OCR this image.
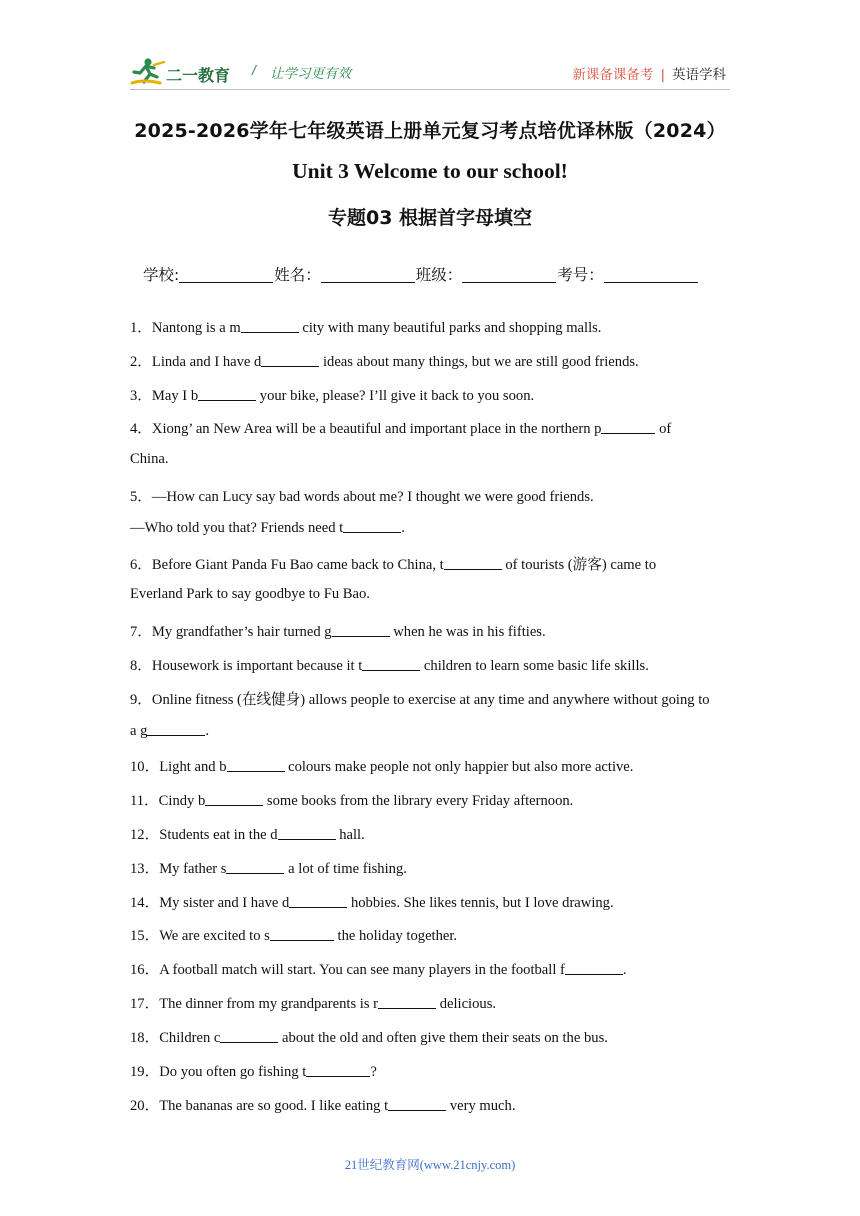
二一教育 / 让学习更有效	新课备课备考 | 英语学科
2025-2026学年七年级英语上册单元复习考点培优译林版（2024）
Unit 3 Welcome to our school!
专题03 根据首字母填空
学校:	姓名：	班级：	考号：
1．Nantong is a m	city with many beautiful parks and shopping malls.
2．Linda and I have d	ideas about many things, but we are still good friends.
3．May I b	your bike, please? I’ll give it back to you soon.
4．Xiong’ an New Area will be a beautiful and important place in the northern p	of
China.
5．—How can Lucy say bad words about me? I thought we were good friends.
—Who told you that? Friends need t	.
6．Before Giant Panda Fu Bao came back to China, t	of tourists (游客) came to
Everland Park to say goodbye to Fu Bao.
7．My grandfather’s hair turned g	when he was in his fifties.
8．Housework is important because it t	children to learn some basic life skills.
9．Online fitness (在线健身) allows people to exercise at any time and anywhere without going to
a g	.
10．Light and b	colours make people not only happier but also more active.
11．Cindy b	some books from the library every Friday afternoon.
12．Students eat in the d	hall.
13．My father s	a lot of time fishing.
14．My sister and I have d	hobbies. She likes tennis, but I love drawing.
15．We are excited to s	the holiday together.
16．A football match will start. You can see many players in the football f	.
17．The dinner from my grandparents is r	delicious.
18．Children c	about the old and often give them their seats on the bus.
19．Do you often go fishing t	?
20．The bananas are so good. I like eating t	very much.
21世纪教育网(www.21cnjy.com)
